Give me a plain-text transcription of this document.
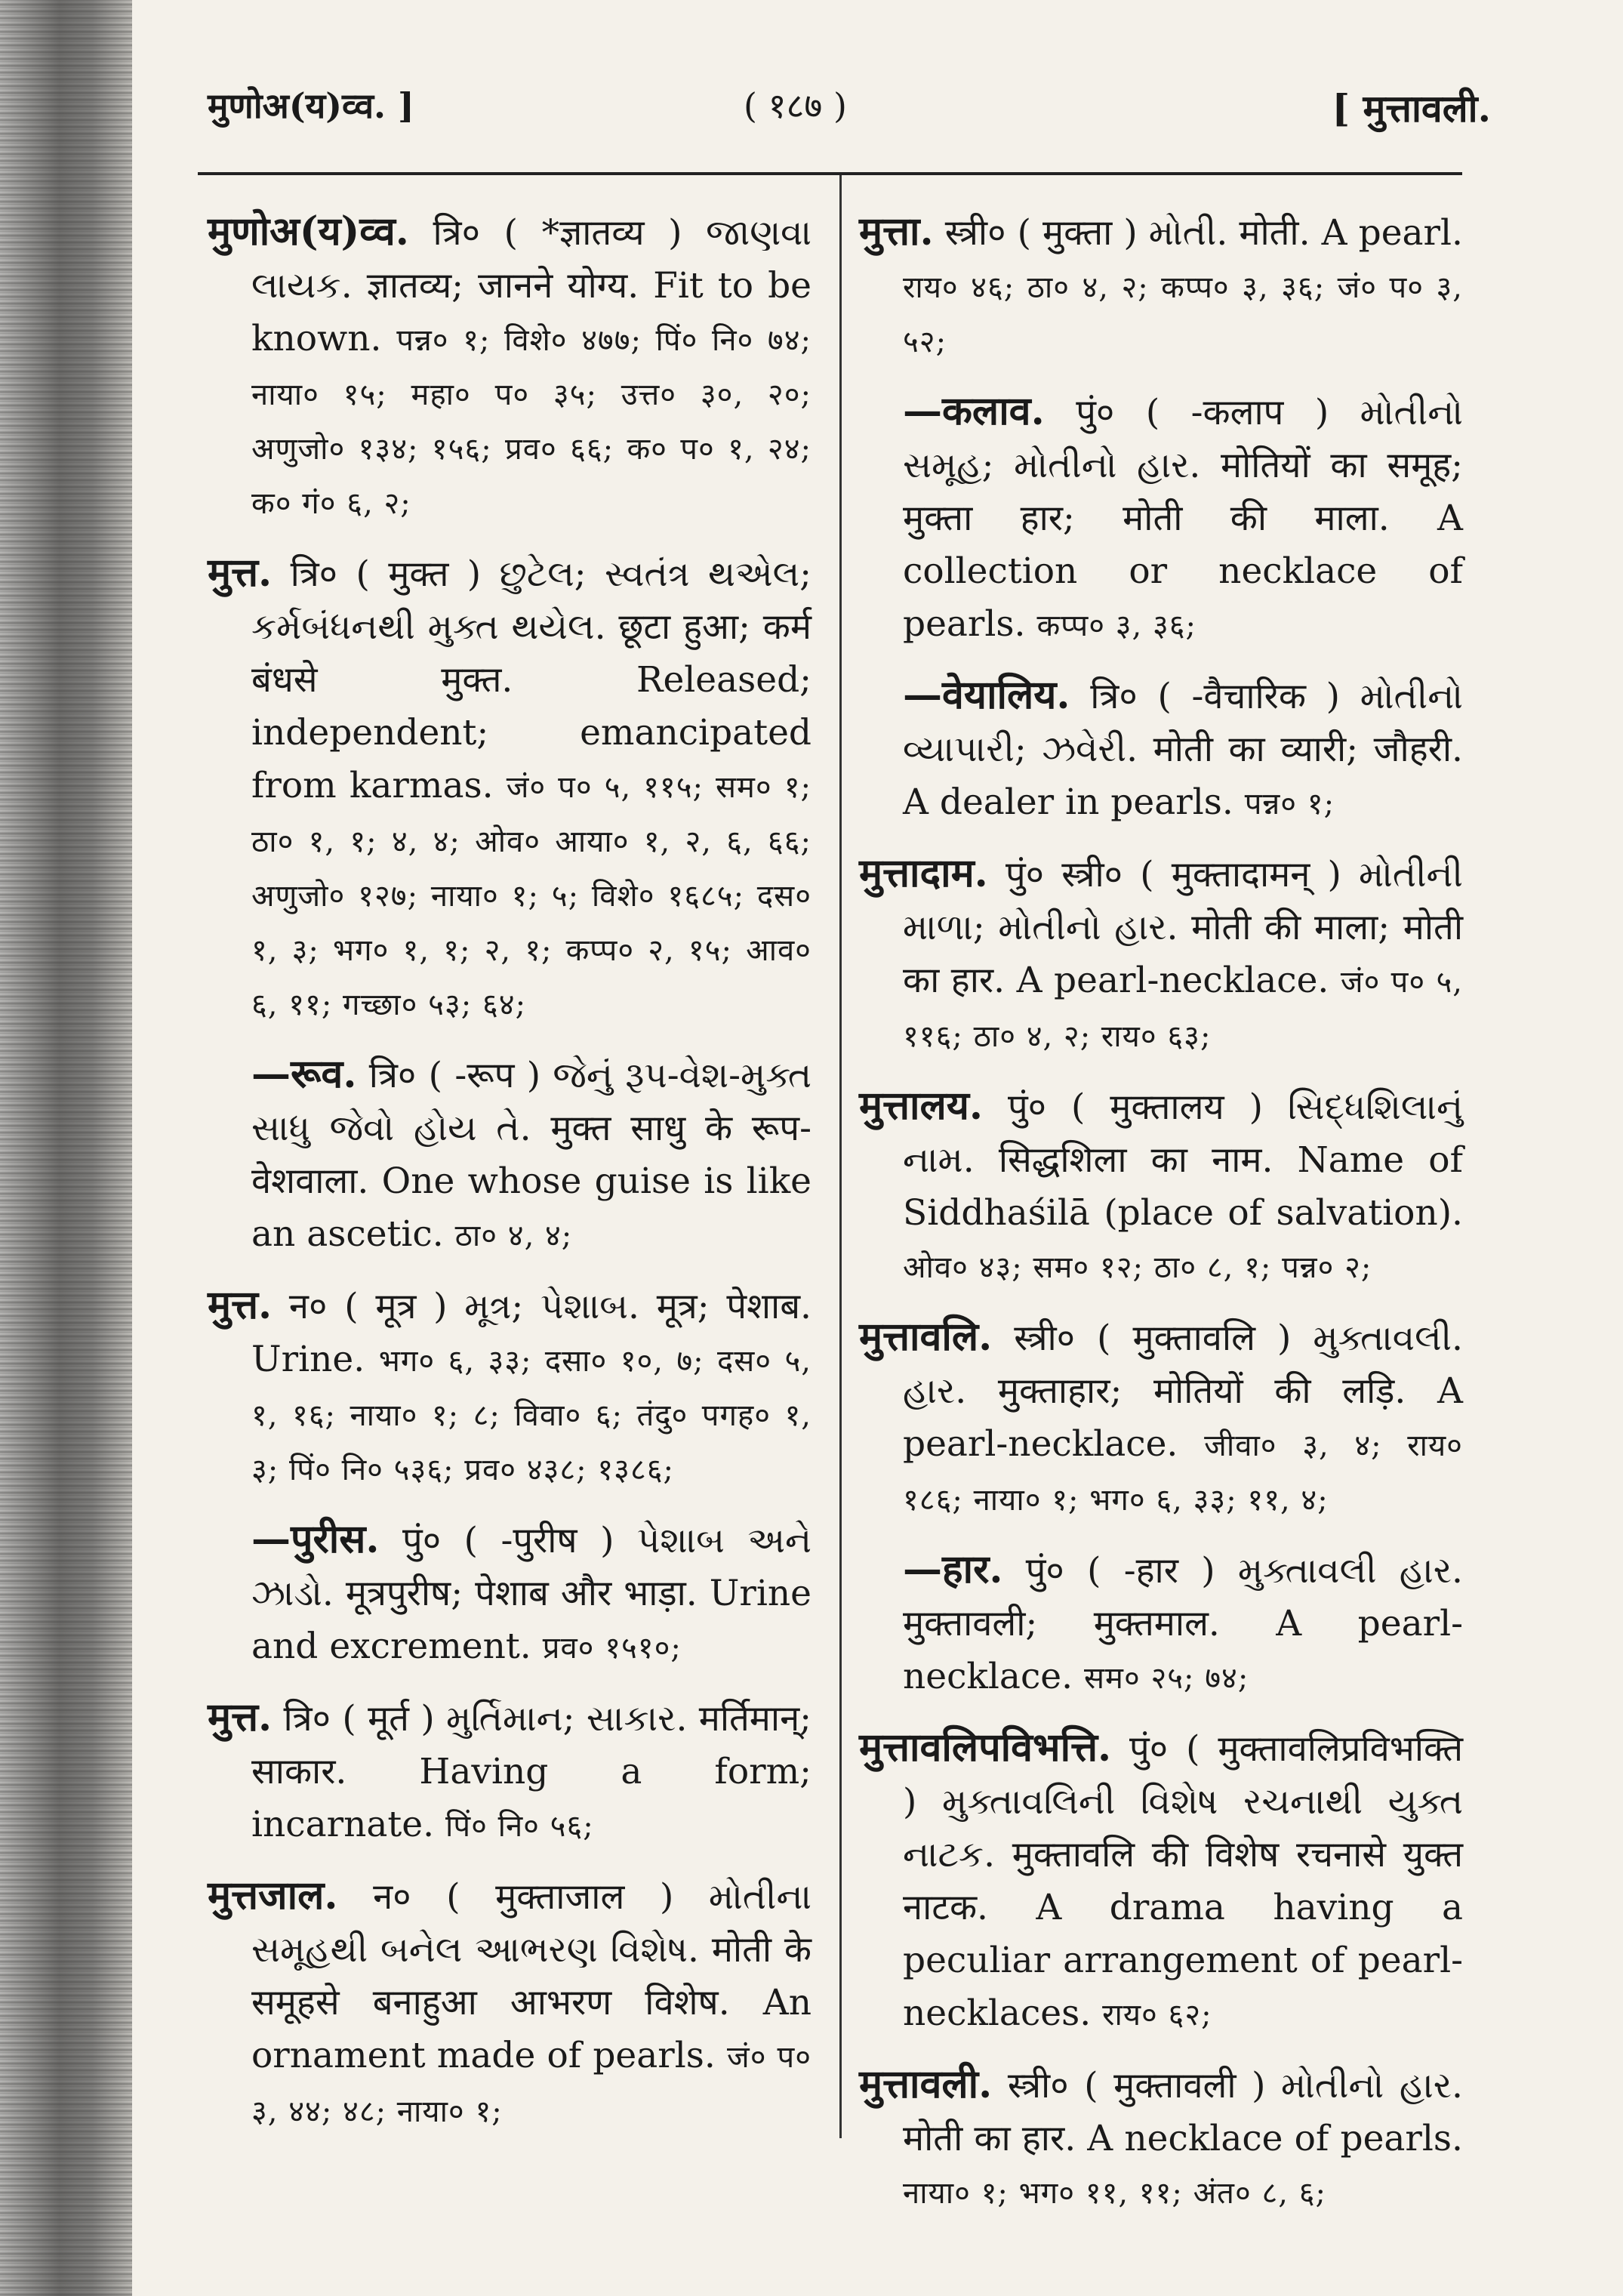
मुणोअ(य)व्व. ]	( १८७ )	[ मुत्तावली.
मुणोअ(य)व्व. त्रि० ( *ज्ञातव्य ) જાણવા લાયક. ज्ञातव्य; जानने योग्य. Fit to be known. पन्न० १; विशे० ४७७; पिं० नि० ७४; नाया० १५; महा० प० ३५; उत्त० ३०, २०; अणुजो० १३४; १५६; प्रव० ६६; क० प० १, २४; क० गं० ६, २;
मुत्त. त्रि० ( मुक्त ) છુટેલ; સ્વતંત્ર થએલ; કર્મબંધનથી મુક્ત થયેલ. छूटा हुआ; कर्म बंधसे मुक्त. Released; independent; emancipated from karmas. जं० प० ५, ११५; सम० १; ठा० १, १; ४, ४; ओव० आया० १, २, ६, ६६; अणुजो० १२७; नाया० १; ५; विशे० १६८५; दस० १, ३; भग० १, १; २, १; कप्प० २, १५; आव० ६, ११; गच्छा० ५३; ६४;
—रूव. त्रि० ( -रूप ) જેનું રૂપ-વેશ-મુક્ત સાધુ જેવો હોય તે. मुक्त साधु के रूप-वेशवाला. One whose guise is like an ascetic. ठा० ४, ४;
मुत्त. न० ( मूत्र ) મૂત્ર; પેશાબ. मूत्र; पेशाब. Urine. भग० ६, ३३; दसा० १०, ७; दस० ५, १, १६; नाया० १; ८; विवा० ६; तंदु० पगह० १, ३; पिं० नि० ५३६; प्रव० ४३८; १३८६;
—पुरीस. पुं० ( -पुरीष ) પેશાબ અને ઝાડો. मूत्रपुरीष; पेशाब और भाड़ा. Urine and excrement. प्रव० १५१०;
मुत्त. त्रि० ( मूर्त ) મુર્તિમાન; સાકાર. मर्तिमान्; साकार. Having a form; incarnate. पिं० नि० ५६;
मुत्तजाल. न० ( मुक्ताजाल ) મોતીના સમૂહથી બનેલ આભરણ વિશેષ. मोती के समूहसे बनाहुआ आभरण विशेष. An ornament made of pearls. जं० प० ३, ४४; ४८; नाया० १;
मुत्ता. स्त्री० ( मुक्ता ) મોતી. मोती. A pearl. राय० ४६; ठा० ४, २; कप्प० ३, ३६; जं० प० ३, ५२;
—कलाव. पुं० ( -कलाप ) મોતીનો સમૂહ; મોતીનો હાર. मोतियों का समूह; मुक्ता हार; मोती की माला. A collection or necklace of pearls. कप्प० ३, ३६;
—वेयालिय. त्रि० ( -वैचारिक ) મોતીનો વ્યાપારી; ઝવેરી. मोती का व्यारी; जौहरी. A dealer in pearls. पन्न० १;
मुत्तादाम. पुं० स्त्री० ( मुक्तादामन् ) મોતીની માળા; મોતીનો હાર. मोती की माला; मोती का हार. A pearl-necklace. जं० प० ५, ११६; ठा० ४, २; राय० ६३;
मुत्तालय. पुं० ( मुक्तालय ) સિદ્ધશિલાનું નામ. सिद्धशिला का नाम. Name of Siddhaśilā (place of salvation). ओव० ४३; सम० १२; ठा० ८, १; पन्न० २;
मुत्तावलि. स्त्री० ( मुक्तावलि ) મુક્તાવલી. હાર. मुक्ताहार; मोतियों की लड़ि. A pearl-necklace. जीवा० ३, ४; राय० १८६; नाया० १; भग० ६, ३३; ११, ४;
—हार. पुं० ( -हार ) મુક્તાવલી હાર. मुक्तावली; मुक्तमाल. A pearl-necklace. सम० २५; ७४;
मुत्तावलिपविभत्ति. पुं० ( मुक्तावलिप्रविभक्ति ) મુક્તાવલિની વિશેષ રચનાથી યુક્ત નાટક. मुक्तावलि की विशेष रचनासे युक्त नाटक. A drama having a peculiar arrangement of pearl-necklaces. राय० ६२;
मुत्तावली. स्त्री० ( मुक्तावली ) મોતીનો હાર. मोती का हार. A necklace of pearls. नाया० १; भग० ११, ११; अंत० ८, ६;
